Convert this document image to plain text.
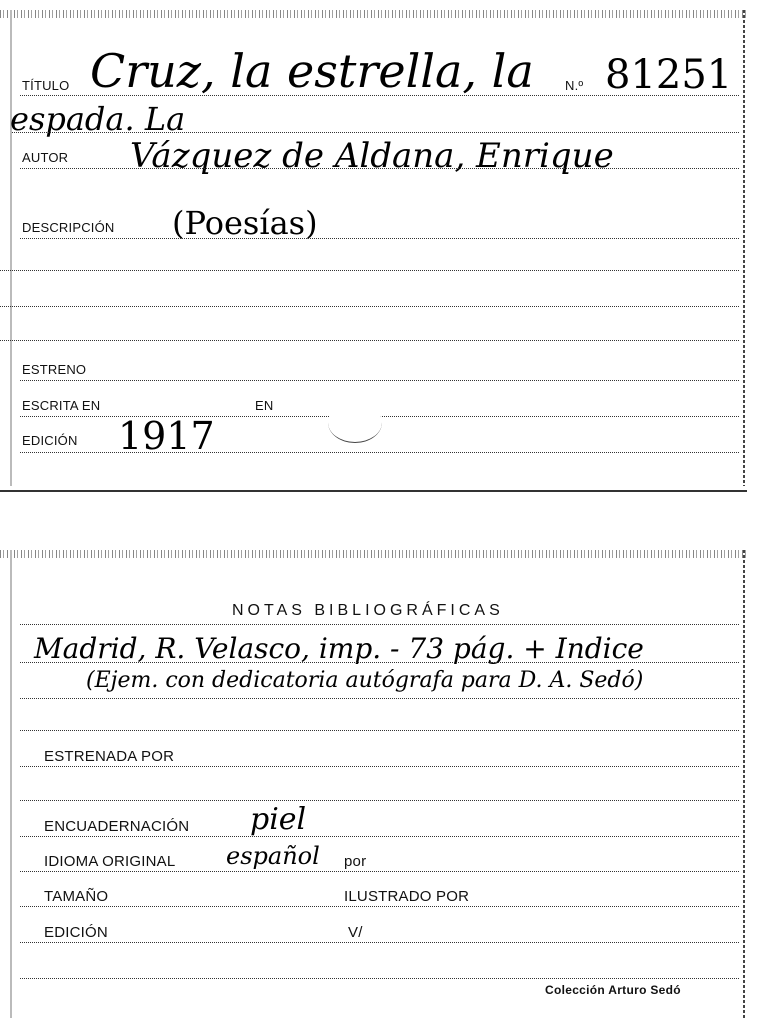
TÍTULO Cruz, la estrella, la N.º 81251
espada. La
AUTOR Vázquez de Aldana, Enrique
DESCRIPCIÓN (Poesías)
ESTRENO
ESCRITA EN	EN
EDICIÓN 1917
NOTAS BIBLIOGRÁFICAS
Madrid, R. Velasco, imp. - 73 pág. + Indice
(Ejem. con dedicatoria autógrafa para D. A. Sedó)
ESTRENADA POR
ENCUADERNACIÓN piel
IDIOMA ORIGINAL español por
TAMAÑO	ILUSTRADO POR
EDICIÓN	V/
Colección Arturo Sedó
